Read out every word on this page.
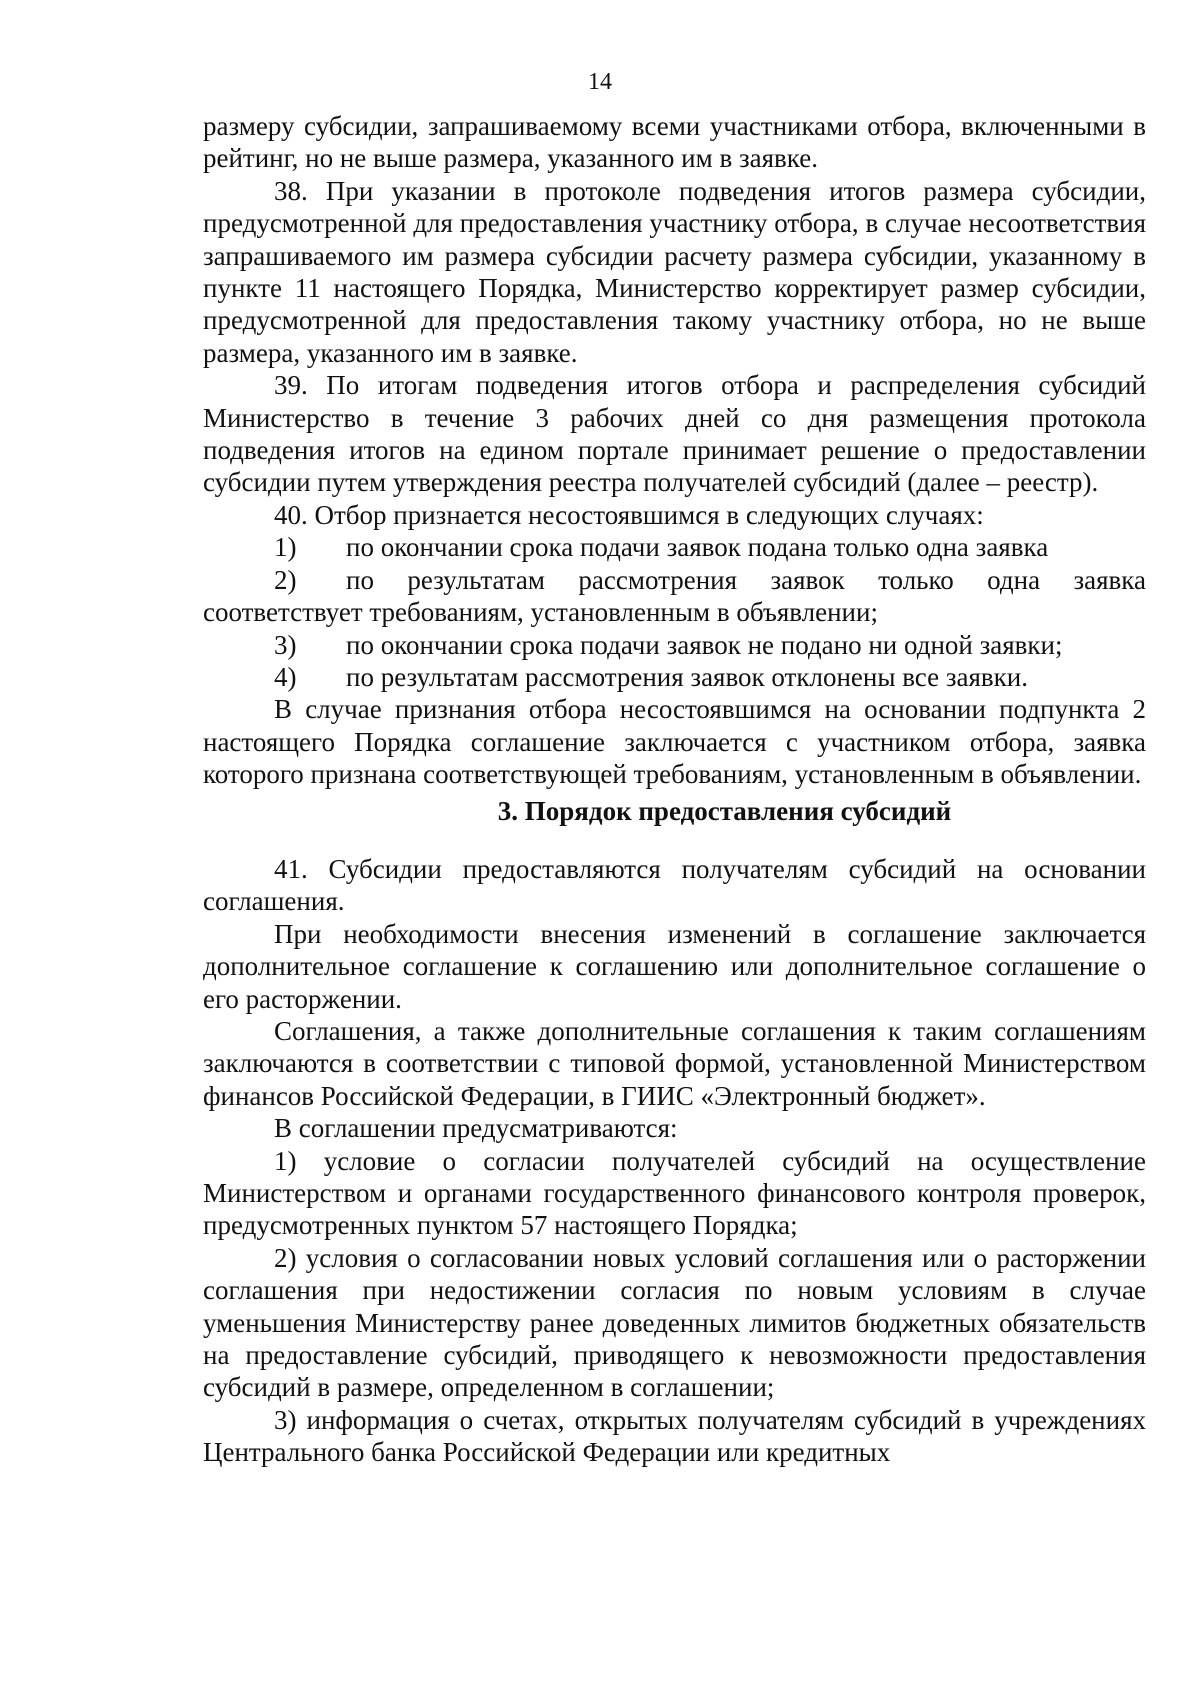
14

размеру субсидии, запрашиваемому всеми участниками отбора, включенными в рейтинг, но не выше размера, указанного им в заявке.

38. При указании в протоколе подведения итогов размера субсидии, предусмотренной для предоставления участнику отбора, в случае несоответствия запрашиваемого им размера субсидии расчету размера субсидии, указанному в пункте 11 настоящего Порядка, Министерство корректирует размер субсидии, предусмотренной для предоставления такому участнику отбора, но не выше размера, указанного им в заявке.

39. По итогам подведения итогов отбора и распределения субсидий Министерство в течение 3 рабочих дней со дня размещения протокола подведения итогов на едином портале принимает решение о предоставлении субсидии путем утверждения реестра получателей субсидий (далее – реестр).

40. Отбор признается несостоявшимся в следующих случаях:

1)	по окончании срока подачи заявок подана только одна заявка

2) по результатам рассмотрения заявок только одна заявка соответствует требованиям, установленным в объявлении;

3)	по окончании срока подачи заявок не подано ни одной заявки;
4)	по результатам рассмотрения заявок отклонены все заявки.

В случае признания отбора несостоявшимся на основании подпункта 2 настоящего Порядка соглашение заключается с участником отбора, заявка которого признана соответствующей требованиям, установленным в объявлении.

3. Порядок предоставления субсидий

41. Субсидии предоставляются получателям субсидий на основании соглашения.

При необходимости внесения изменений в соглашение заключается дополнительное соглашение к соглашению или дополнительное соглашение о его расторжении.

Соглашения, а также дополнительные соглашения к таким соглашениям заключаются в соответствии с типовой формой, установленной Министерством финансов Российской Федерации, в ГИИС «Электронный бюджет».

В соглашении предусматриваются:

1) условие о согласии получателей субсидий на осуществление Министерством и органами государственного финансового контроля проверок, предусмотренных пунктом 57 настоящего Порядка;

2) условия о согласовании новых условий соглашения или о расторжении соглашения при недостижении согласия по новым условиям в случае уменьшения Министерству ранее доведенных лимитов бюджетных обязательств на предоставление субсидий, приводящего к невозможности предоставления субсидий в размере, определенном в соглашении;

3) информация о счетах, открытых получателям субсидий в учреждениях Центрального банка Российской Федерации или кредитных
